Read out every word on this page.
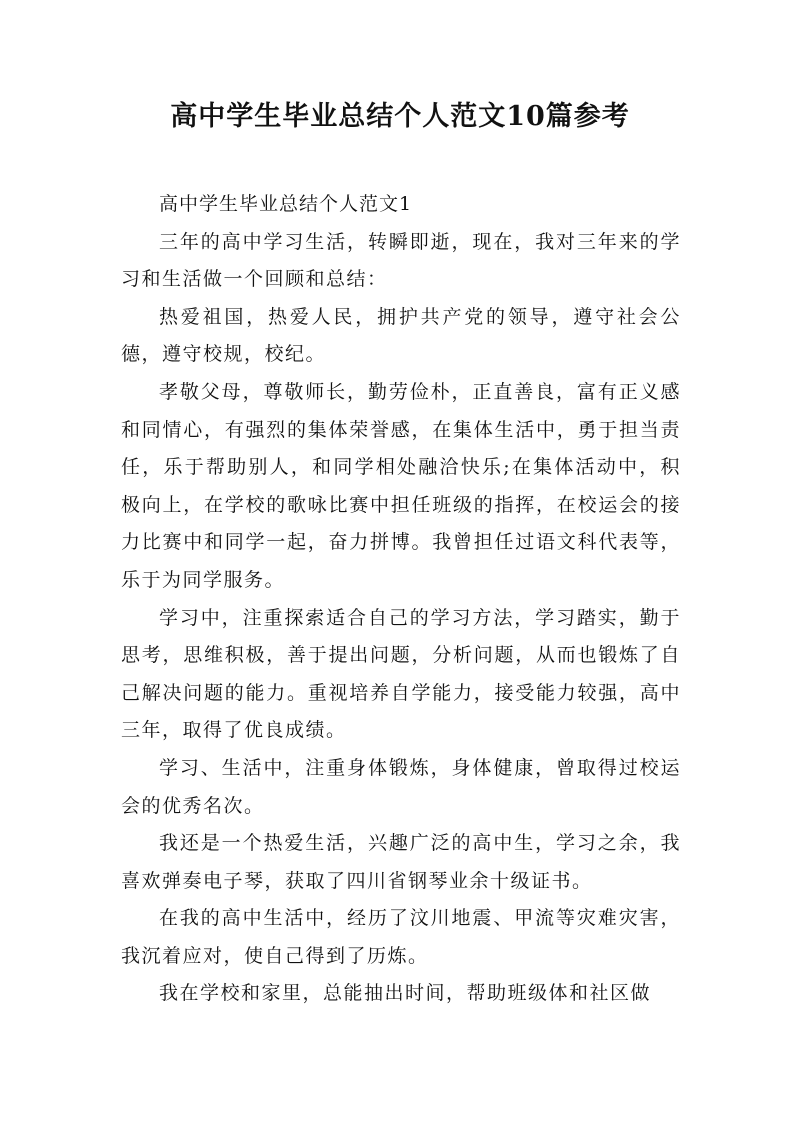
高中学生毕业总结个人范文10篇参考

高中学生毕业总结个人范文1

三年的高中学习生活，转瞬即逝，现在，我对三年来的学习和生活做一个回顾和总结：

热爱祖国，热爱人民，拥护共产党的领导，遵守社会公德，遵守校规，校纪。

孝敬父母，尊敬师长，勤劳俭朴，正直善良，富有正义感和同情心，有强烈的集体荣誉感，在集体生活中，勇于担当责任，乐于帮助别人，和同学相处融洽快乐;在集体活动中，积极向上，在学校的歌咏比赛中担任班级的指挥，在校运会的接力比赛中和同学一起，奋力拼博。我曾担任过语文科代表等，乐于为同学服务。

学习中，注重探索适合自己的学习方法，学习踏实，勤于思考，思维积极，善于提出问题，分析问题，从而也锻炼了自己解决问题的能力。重视培养自学能力，接受能力较强，高中三年，取得了优良成绩。

学习、生活中，注重身体锻炼，身体健康，曾取得过校运会的优秀名次。

我还是一个热爱生活，兴趣广泛的高中生，学习之余，我喜欢弹奏电子琴，获取了四川省钢琴业余十级证书。

在我的高中生活中，经历了汶川地震、甲流等灾难灾害，我沉着应对，使自己得到了历炼。

我在学校和家里，总能抽出时间，帮助班级体和社区做
